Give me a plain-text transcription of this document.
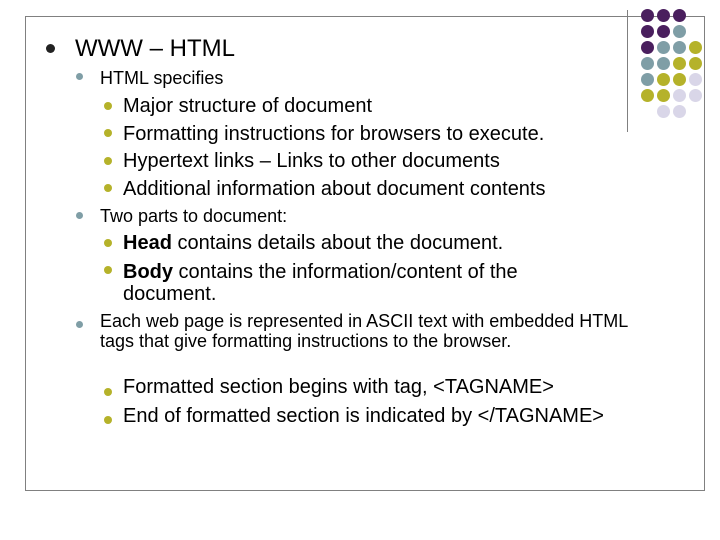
WWW – HTML
HTML specifies
Major structure of document
Formatting instructions for browsers to execute.
Hypertext links – Links to other documents
Additional information about document contents
Two parts to document:
Head contains details about the document.
Body contains the information/content of the document.
Each web page is represented in ASCII text with embedded HTML tags that give formatting instructions to the browser.
Formatted section begins with tag, <TAGNAME>
End of formatted section is indicated by </TAGNAME>
